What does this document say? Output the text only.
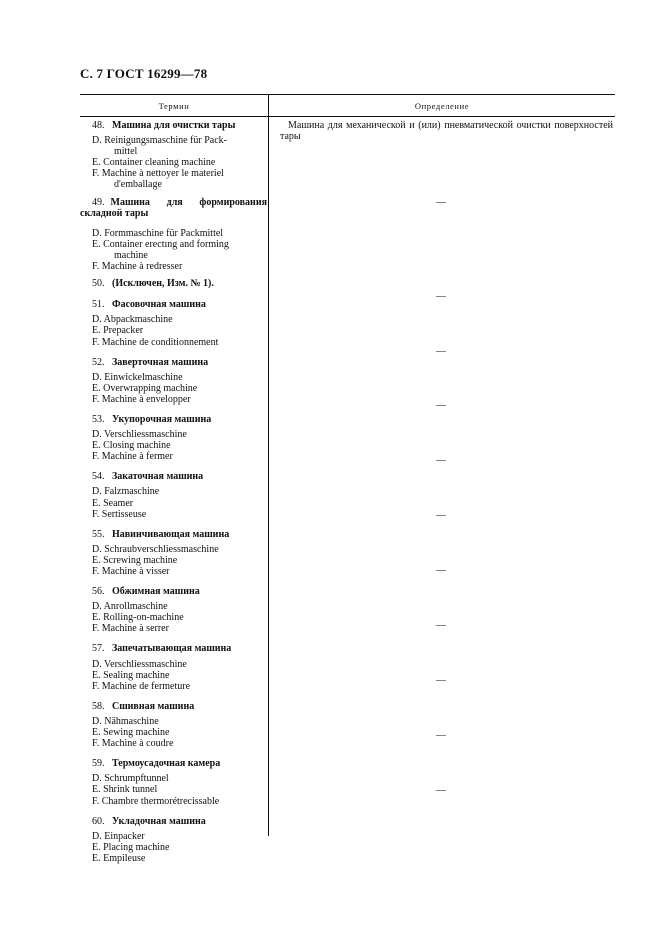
С. 7 ГОСТ 16299—78
Термин	Определение
48. Машина для очистки тары
D. Reinigungsmaschine für Pack-
mittel
E. Container cleaning machine
F. Machine à nettoyer le materiel
d'emballage
49. Машина для формирования
складной тары
D. Formmaschine für Packmittel
E. Container erectıng and forming
machine
F. Machine à redresser
50. (Исключен, Изм. № 1).
51. Фасовочная машина
D. Abpackmaschine
E. Prepacker
F. Machine de conditionnement
52. Заверточная машина
D. Einwickelmaschine
E. Overwrapping machine
F. Machine à envelopper
53. Укупорочная машина
D. Verschliessmaschine
E. Closing machine
F. Machine à fermer
54. Закаточная машина
D. Falzmaschine
E. Seamer
F. Sertisseuse
55. Навинчивающая машина
D. Schraubverschliessmaschine
E. Screwing machine
F. Machine à visser
56. Обжимная машина
D. Anrollmaschine
E. Rolling-on-machine
F. Machine à serrer
57. Запечатывающая машина
D. Verschliessmaschine
E. Sealing machine
F. Machine de fermeture
58. Сшивная машина
D. Nähmaschine
E. Sewing machine
F. Machine à coudre
59. Термоусадочная камера
D. Schrumpftunnel
E. Shrink tunnel
F. Chambre thermorétrecissable
60. Укладочная машина
D. Einpacker
E. Placing machine
E. Empileuse
Машина для механической и (или) пневматической очистки поверхностей тары
—
—
—
—
—
—
—
—
—
—
—
